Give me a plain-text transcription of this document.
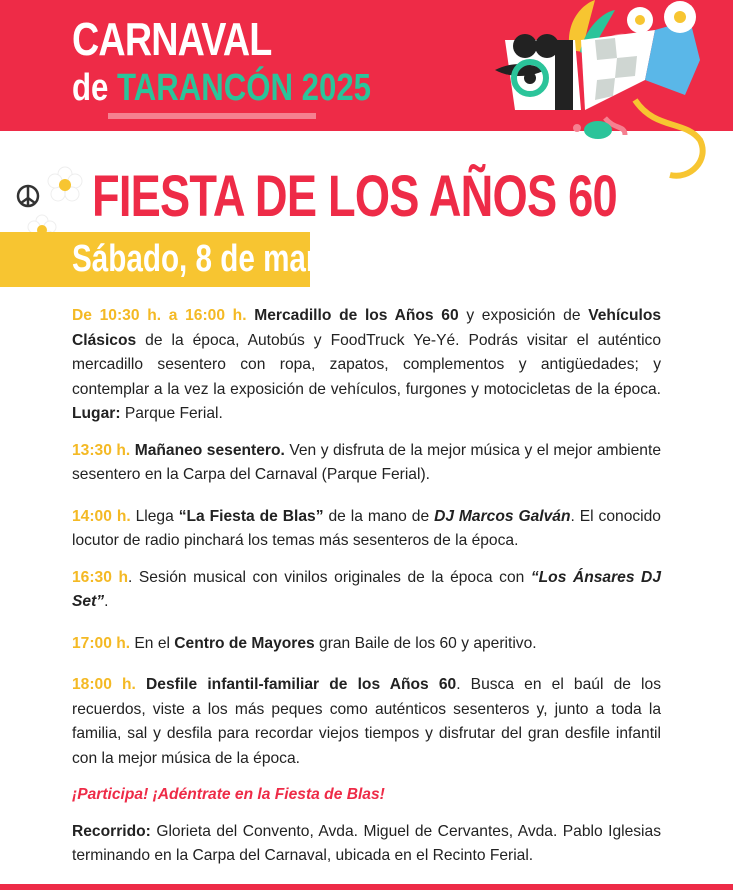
CARNAVAL
de TARANCÓN 2025
FIESTA DE LOS AÑOS 60
Sábado, 8 de marzo

De 10:30 h. a 16:00 h. Mercadillo de los Años 60 y exposición de Vehículos Clásicos de la época, Autobús y FoodTruck Ye-Yé. Podrás visitar el auténtico mercadillo sesentero con ropa, zapatos, complementos y antigüedades; y contemplar a la vez la exposición de vehículos, furgones y motocicletas de la época. Lugar: Parque Ferial.

13:30 h. Mañaneo sesentero. Ven y disfruta de la mejor música y el mejor ambiente sesentero en la Carpa del Carnaval (Parque Ferial).

14:00 h. Llega “La Fiesta de Blas” de la mano de DJ Marcos Galván. El conocido locutor de radio pinchará los temas más sesenteros de la época.

16:30 h. Sesión musical con vinilos originales de la época con “Los Ánsares DJ Set”.

17:00 h. En el Centro de Mayores gran Baile de los 60 y aperitivo.

18:00 h. Desfile infantil-familiar de los Años 60. Busca en el baúl de los recuerdos, viste a los más peques como auténticos sesenteros y, junto a toda la familia, sal y desfila para recordar viejos tiempos y disfrutar del gran desfile infantil con la mejor música de la época.

¡Participa! ¡Adéntrate en la Fiesta de Blas!

Recorrido: Glorieta del Convento, Avda. Miguel de Cervantes, Avda. Pablo Iglesias terminando en la Carpa del Carnaval, ubicada en el Recinto Ferial.
